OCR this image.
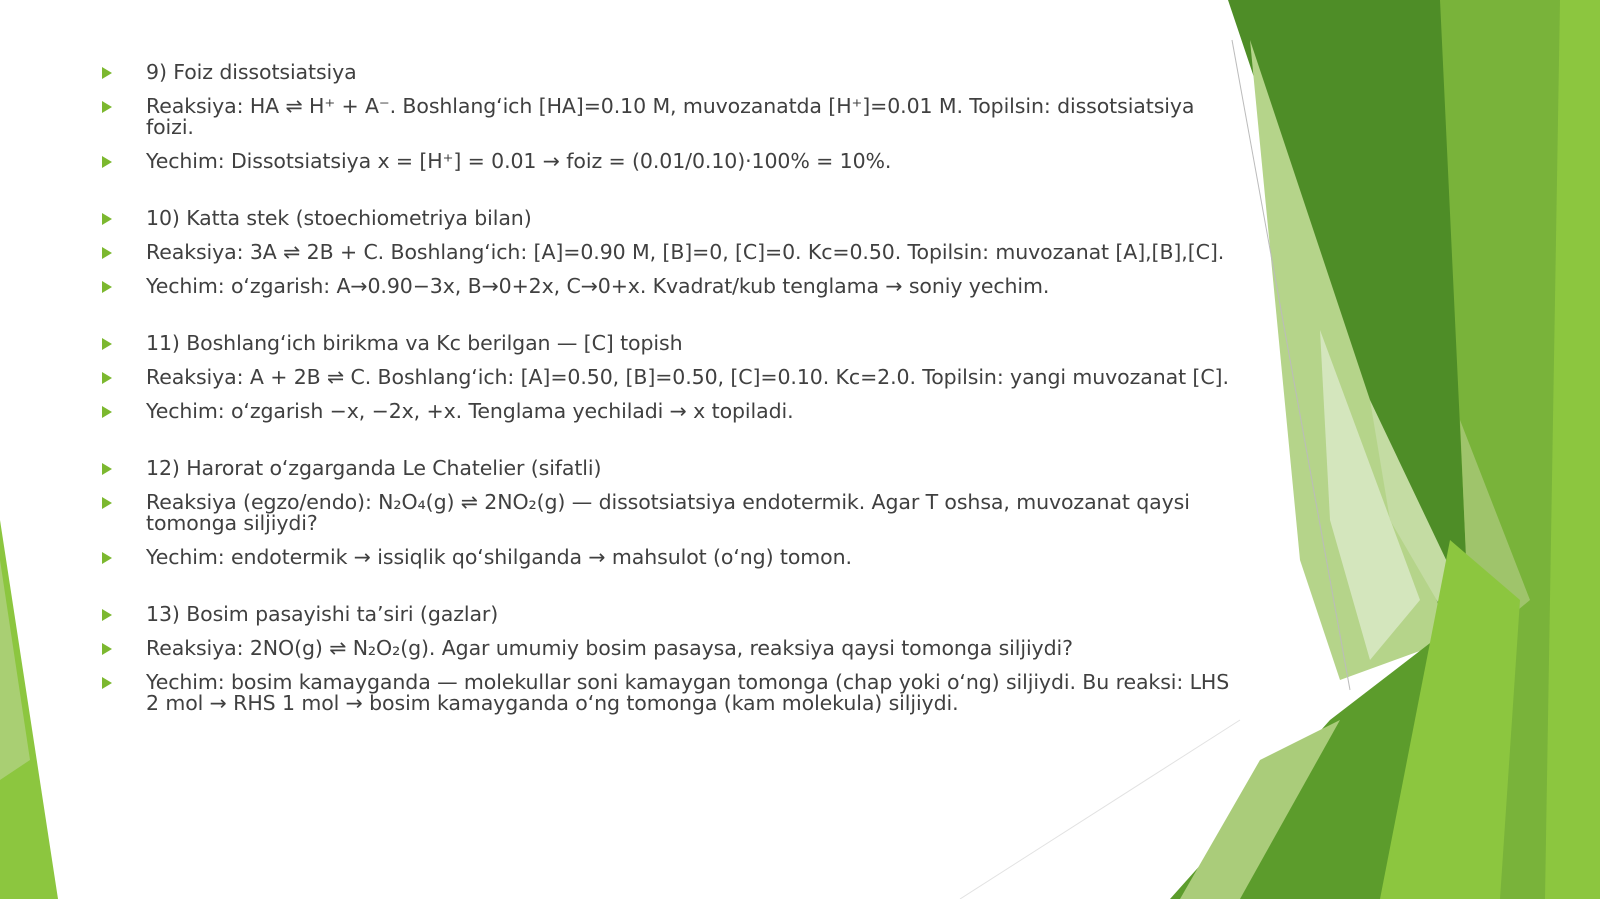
9) Foiz dissotsiatsiya
Reaksiya: HA ⇌ H⁺ + A⁻. Boshlang‘ich [HA]=0.10 M, muvozanatda [H⁺]=0.01 M. Topilsin: dissotsiatsiya foizi.
Yechim: Dissotsiatsiya x = [H⁺] = 0.01 → foiz = (0.01/0.10)·100% = 10%.
10) Katta stek (stoechiometriya bilan)
Reaksiya: 3A ⇌ 2B + C. Boshlang‘ich: [A]=0.90 M, [B]=0, [C]=0. Kc=0.50. Topilsin: muvozanat [A],[B],[C].
Yechim: o‘zgarish: A→0.90−3x, B→0+2x, C→0+x. Kvadrat/kub tenglama → soniy yechim.
11) Boshlang‘ich birikma va Kc berilgan — [C] topish
Reaksiya: A + 2B ⇌ C. Boshlang‘ich: [A]=0.50, [B]=0.50, [C]=0.10. Kc=2.0. Topilsin: yangi muvozanat [C].
Yechim: o‘zgarish −x, −2x, +x. Tenglama yechiladi → x topiladi.
12) Harorat o‘zgarganda Le Chatelier (sifatli)
Reaksiya (egzo/endo): N₂O₄(g) ⇌ 2NO₂(g) — dissotsiatsiya endotermik. Agar T oshsa, muvozanat qaysi tomonga siljiydi?
Yechim: endotermik → issiqlik qo‘shilganda → mahsulot (o‘ng) tomon.
13) Bosim pasayishi ta’siri (gazlar)
Reaksiya: 2NO(g) ⇌ N₂O₂(g). Agar umumiy bosim pasaysa, reaksiya qaysi tomonga siljiydi?
Yechim: bosim kamayganda — molekullar soni kamaygan tomonga (chap yoki o‘ng) siljiydi. Bu reaksi: LHS 2 mol → RHS 1 mol → bosim kamayganda o‘ng tomonga (kam molekula) siljiydi.
